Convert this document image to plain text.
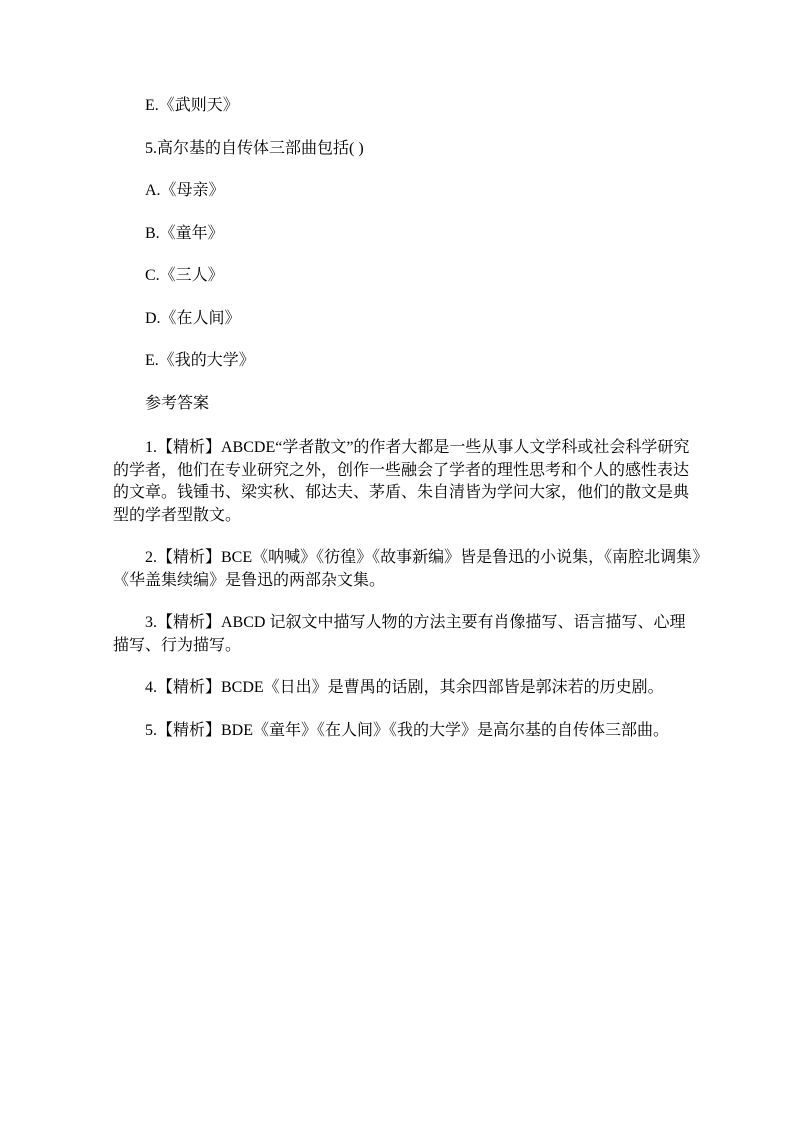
E.《武则天》

5.高尔基的自传体三部曲包括( )

A.《母亲》

B.《童年》

C.《三人》

D.《在人间》

E.《我的大学》

参考答案

1.【精析】ABCDE“学者散文”的作者大都是一些从事人文学科或社会科学研究的学者，他们在专业研究之外，创作一些融会了学者的理性思考和个人的感性表达的文章。钱锺书、梁实秋、郁达夫、茅盾、朱自清皆为学问大家，他们的散文是典型的学者型散文。

2.【精析】BCE《呐喊》《彷徨》《故事新编》皆是鲁迅的小说集，《南腔北调集》《华盖集续编》是鲁迅的两部杂文集。

3.【精析】ABCD 记叙文中描写人物的方法主要有肖像描写、语言描写、心理描写、行为描写。

4.【精析】BCDE《日出》是曹禺的话剧，其余四部皆是郭沫若的历史剧。

5.【精析】BDE《童年》《在人间》《我的大学》是高尔基的自传体三部曲。
